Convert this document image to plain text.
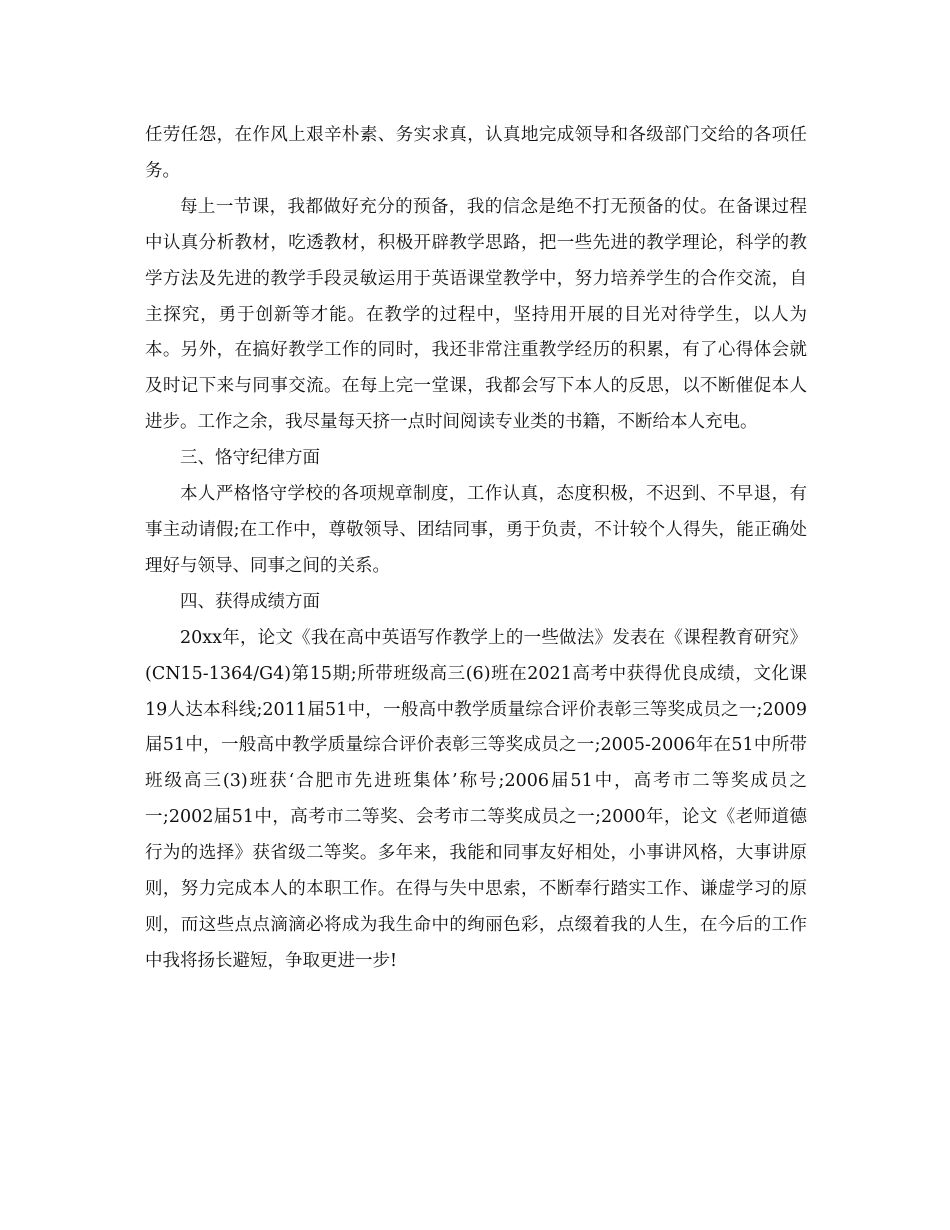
任劳任怨，在作风上艰辛朴素、务实求真，认真地完成领导和各级部门交给的各项任务。

每上一节课，我都做好充分的预备，我的信念是绝不打无预备的仗。在备课过程中认真分析教材，吃透教材，积极开辟教学思路，把一些先进的教学理论，科学的教学方法及先进的教学手段灵敏运用于英语课堂教学中，努力培养学生的合作交流，自主探究，勇于创新等才能。在教学的过程中，坚持用开展的目光对待学生，以人为本。另外，在搞好教学工作的同时，我还非常注重教学经历的积累，有了心得体会就及时记下来与同事交流。在每上完一堂课，我都会写下本人的反思，以不断催促本人进步。工作之余，我尽量每天挤一点时间阅读专业类的书籍，不断给本人充电。

三、恪守纪律方面

本人严格恪守学校的各项规章制度，工作认真，态度积极，不迟到、不早退，有事主动请假;在工作中，尊敬领导、团结同事，勇于负责，不计较个人得失，能正确处理好与领导、同事之间的关系。

四、获得成绩方面

20xx年，论文《我在高中英语写作教学上的一些做法》发表在《课程教育研究》(CN15-1364/G4)第15期;所带班级高三(6)班在2021高考中获得优良成绩，文化课19人达本科线;2011届51中，一般高中教学质量综合评价表彰三等奖成员之一;2009届51中，一般高中教学质量综合评价表彰三等奖成员之一;2005-2006年在51中所带班级高三(3)班获‘合肥市先进班集体’称号;2006届51中，高考市二等奖成员之一;2002届51中，高考市二等奖、会考市二等奖成员之一;2000年，论文《老师道德行为的选择》获省级二等奖。多年来，我能和同事友好相处，小事讲风格，大事讲原则，努力完成本人的本职工作。在得与失中思索，不断奉行踏实工作、谦虚学习的原则，而这些点点滴滴必将成为我生命中的绚丽色彩，点缀着我的人生，在今后的工作中我将扬长避短，争取更进一步!
